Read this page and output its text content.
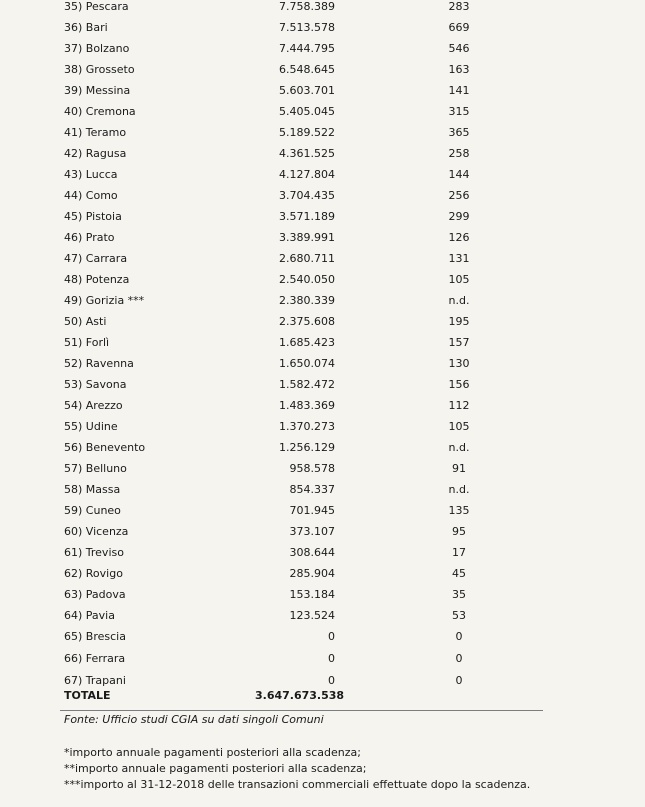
35) Pescara	7.758.389	283
36) Bari	7.513.578	669
37) Bolzano	7.444.795	546
38) Grosseto	6.548.645	163
39) Messina	5.603.701	141
40) Cremona	5.405.045	315
41) Teramo	5.189.522	365
42) Ragusa	4.361.525	258
43) Lucca	4.127.804	144
44) Como	3.704.435	256
45) Pistoia	3.571.189	299
46) Prato	3.389.991	126
47) Carrara	2.680.711	131
48) Potenza	2.540.050	105
49) Gorizia ***	2.380.339	n.d.
50) Asti	2.375.608	195
51) Forlì	1.685.423	157
52) Ravenna	1.650.074	130
53) Savona	1.582.472	156
54) Arezzo	1.483.369	112
55) Udine	1.370.273	105
56) Benevento	1.256.129	n.d.
57) Belluno	958.578	91
58) Massa	854.337	n.d.
59) Cuneo	701.945	135
60) Vicenza	373.107	95
61) Treviso	308.644	17
62) Rovigo	285.904	45
63) Padova	153.184	35
64) Pavia	123.524	53
65) Brescia	0	0
66) Ferrara	0	0
67) Trapani	0	0
TOTALE	3.647.673.538
Fonte: Ufficio studi CGIA su dati singoli Comuni
*importo annuale pagamenti posteriori alla scadenza;
**importo annuale pagamenti posteriori alla scadenza;
***importo al 31-12-2018 delle transazioni commerciali effettuate dopo la scadenza.
